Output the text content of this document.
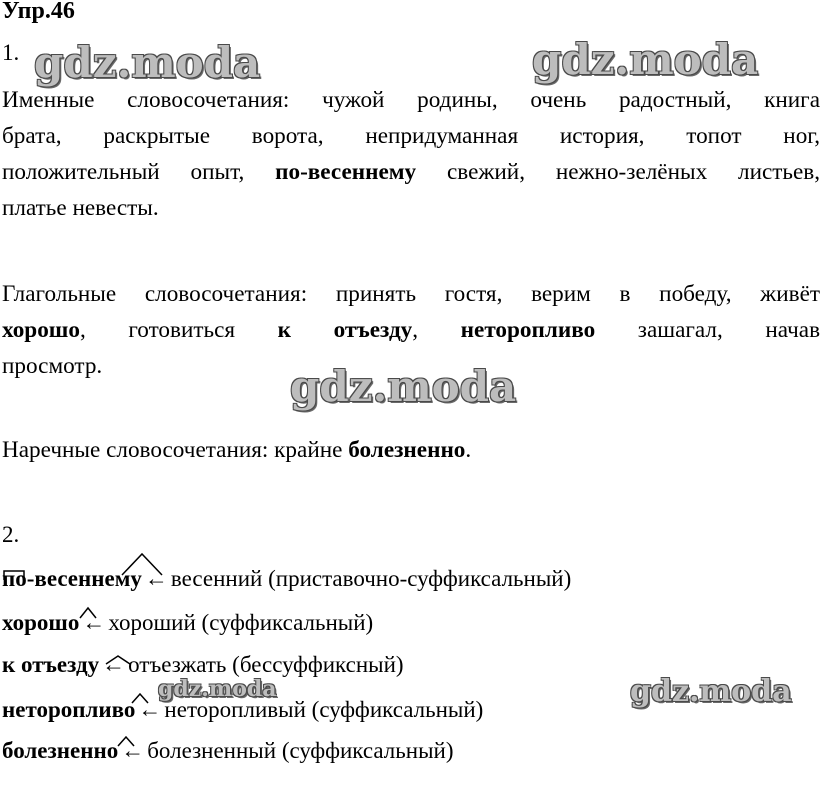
Упр.46
1.
Именные словосочетания: чужой родины, очень радостный, книга
брата, раскрытые ворота, непридуманная история, топот ног,
положительный опыт, по-весеннему свежий, нежно-зелёных листьев,
платье невесты.
Глагольные словосочетания: принять гостя, верим в победу, живёт
хорошо, готовиться к отъезду, неторопливо зашагал, начав
просмотр.
Наречные словосочетания: крайне болезненно.
2.
по-весеннему ← весенний (приставочно-суффиксальный)
хорошо ← хороший (суффиксальный)
к отъезду ← отъезжать (бессуффиксный)
неторопливо ← неторопливый (суффиксальный)
болезненно ← болезненный (суффиксальный)
gdz.moda	gdz.moda
gdz.moda
gdz.moda	gdz.moda
